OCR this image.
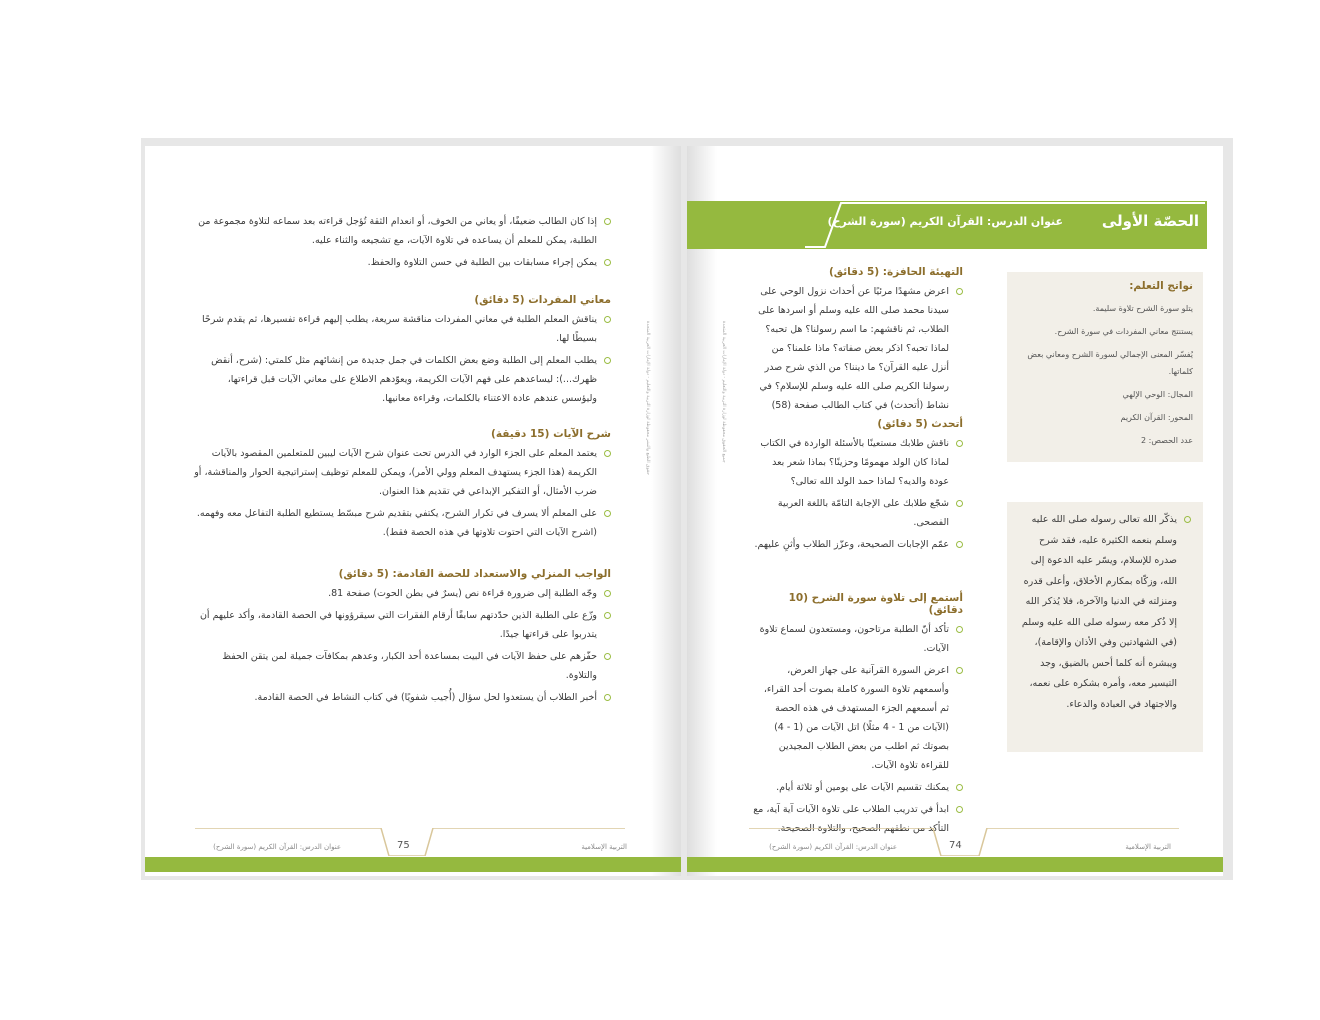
إذا كان الطالب ضعيفًا، أو يعاني من الخوف، أو انعدام الثقة تُؤجل قراءته بعد سماعه لتلاوة مجموعة من الطلبة، يمكن للمعلم أن يساعده في تلاوة الآيات، مع تشجيعه والثناء عليه.

يمكن إجراء مسابقات بين الطلبة في حسن التلاوة والحفظ.

معاني المفردات (5 دقائق)

يناقش المعلم الطلبة في معاني المفردات مناقشة سريعة، يطلب إليهم قراءة تفسيرها، ثم يقدم شرحًا بسيطًا لها.

يطلب المعلم إلى الطلبة وضع بعض الكلمات في جمل جديدة من إنشائهم مثل كلمتي: (شرح، أنقض ظهرك...): ليساعدهم على فهم الآيات الكريمة، ويعوّدهم الاطلاع على معاني الآيات قبل قراءتها، وليؤسس عندهم عادة الاعتناء بالكلمات، وقراءة معانيها.

شرح الآيات (15 دقيقة)

يعتمد المعلم على الجزء الوارد في الدرس تحت عنوان شرح الآيات ليبين للمتعلمين المقصود بالآيات الكريمة (هذا الجزء يستهدف المعلم وولي الأمر)، ويمكن للمعلم توظيف إستراتيجية الحوار والمناقشة، أو ضرب الأمثال، أو التفكير الإبداعي في تقديم هذا العنوان.

على المعلم ألا يسرف في تكرار الشرح، يكتفي بتقديم شرح مبسّط يستطيع الطلبة التفاعل معه وفهمه. (اشرح الآيات التي احتوت تلاوتها في هذه الحصة فقط).

الواجب المنزلي والاستعداد للحصة القادمة: (5 دقائق)

وجّه الطلبة إلى ضرورة قراءة نص (يسرٌ في بطن الحوت) صفحة 81.

وزّع على الطلبة الذين حدّدتهم سابقًا أرقام الفقرات التي سيقرؤونها في الحصة القادمة، وأكد عليهم أن يتدربوا على قراءتها جيدًا.

حفّزهم على حفظ الآيات في البيت بمساعدة أحد الكبار، وعدهم بمكافآت جميلة لمن يتقن الحفظ والتلاوة.

أخبر الطلاب أن يستعدوا لحل سؤال (أُجيب شفويًا) في كتاب النشاط في الحصة القادمة.

حقوق الطبع والنشر محفوظة لوزارة التربية والتعليم - دولة الإمارات العربية المتحدة
التربية الإسلامية
75
عنوان الدرس: القرآن الكريم (سورة الشرح)
الحصّة الأولى
عنوان الدرس: القرآن الكريم (سورة الشرح)
نواتج التعلم:

يتلو سورة الشرح تلاوة سليمة.

يستنتج معاني المفردات في سورة الشرح.

يُفسّر المعنى الإجمالي لسورة الشرح ومعاني بعض كلماتها.

المجال: الوحي الإلهي

المحور: القرآن الكريم

عدد الحصص: 2

يذكّر الله تعالى رسوله صلى الله عليه وسلم بنعمه الكثيرة عليه، فقد شرح صدره للإسلام، ويسّر عليه الدعوة إلى الله، وزكّاه بمكارم الأخلاق، وأعلى قدره ومنزلته في الدنيا والآخرة، فلا يُذكر الله إلا ذُكر معه رسوله صلى الله عليه وسلم (في الشهادتين وفي الأذان والإقامة)، ويبشره أنه كلما أحس بالضيق، وجد التيسير معه، وأمره بشكره على نعمه، والاجتهاد في العبادة والدعاء.

التهيئة الحافزة: (5 دقائق)

اعرض مشهدًا مرئيًا عن أحداث نزول الوحي على سيدنا محمد صلى الله عليه وسلم أو اسردها على الطلاب، ثم ناقشهم: ما اسم رسولنا؟ هل تحبه؟ لماذا تحبه؟ اذكر بعض صفاته؟ ماذا علمنا؟ من أنزل عليه القرآن؟ ما ديننا؟ من الذي شرح صدر رسولنا الكريم صلى الله عليه وسلم للإسلام؟ في نشاط (أتحدث) في كتاب الطالب صفحة (58)

أتحدث (5 دقائق)

ناقش طلابك مستعينًا بالأسئلة الواردة في الكتاب لماذا كان الولد مهمومًا وحزينًا؟ بماذا شعر بعد عودة والديه؟ لماذا حمد الولد الله تعالى؟

شجّع طلابك على الإجابة التامّة باللغة العربية الفصحى.

عمّم الإجابات الصحيحة، وعزّز الطلاب وأثنِ عليهم.

أستمع إلى تلاوة سورة الشرح (10 دقائق)

تأكد أنّ الطلبة مرتاحون، ومستعدون لسماع تلاوة الآيات.

اعرض السورة القرآنية على جهاز العرض، وأسمعهم تلاوة السورة كاملة بصوت أحد القراء، ثم أسمعهم الجزء المستهدف في هذه الحصة (الآيات من 1 - 4 مثلًا) اتل الآيات من (1 - 4) بصوتك ثم اطلب من بعض الطلاب المجيدين للقراءة تلاوة الآيات.

يمكنك تقسيم الآيات على يومين أو ثلاثة أيام.

ابدأ في تدريب الطلاب على تلاوة الآيات آية آية، مع التأكد من نطقهم الصحيح، والتلاوة الصحيحة.

جميع الحقوق محفوظة لوزارة التربية والتعليم - دولة الإمارات العربية المتحدة
التربية الإسلامية
74
عنوان الدرس: القرآن الكريم (سورة الشرح)
